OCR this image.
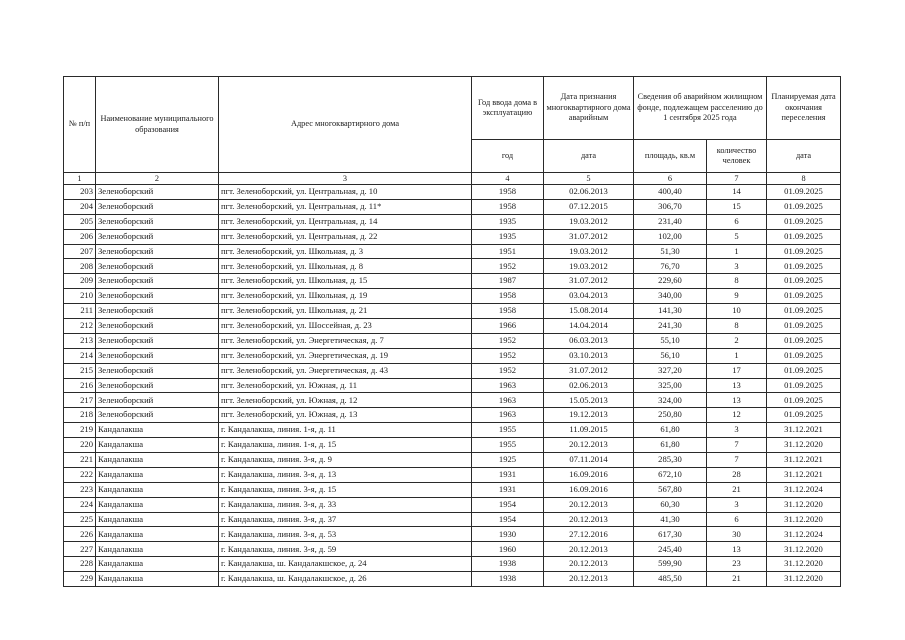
№ п/п	Наименование муниципального образования	Адрес многоквартирного дома	Год ввода дома в эксплуатацию	Дата признания многоквартирного дома аварийным	Сведения об аварийном жилищном фонде, подлежащем расселению до 1 сентября 2025 года		Планируемая дата окончания переселения
			год	дата	площадь, кв.м	количество человек	дата
1	2	3	4	5	6	7	8
203	Зеленоборский	пгт. Зеленоборский, ул. Центральная, д. 10	1958	02.06.2013	400,40	14	01.09.2025
204	Зеленоборский	пгт. Зеленоборский, ул. Центральная, д. 11*	1958	07.12.2015	306,70	15	01.09.2025
205	Зеленоборский	пгт. Зеленоборский, ул. Центральная, д. 14	1935	19.03.2012	231,40	6	01.09.2025
206	Зеленоборский	пгт. Зеленоборский, ул. Центральная, д. 22	1935	31.07.2012	102,00	5	01.09.2025
207	Зеленоборский	пгт. Зеленоборский, ул. Школьная, д. 3	1951	19.03.2012	51,30	1	01.09.2025
208	Зеленоборский	пгт. Зеленоборский, ул. Школьная, д. 8	1952	19.03.2012	76,70	3	01.09.2025
209	Зеленоборский	пгт. Зеленоборский, ул. Школьная, д. 15	1987	31.07.2012	229,60	8	01.09.2025
210	Зеленоборский	пгт. Зеленоборский, ул. Школьная, д. 19	1958	03.04.2013	340,00	9	01.09.2025
211	Зеленоборский	пгт. Зеленоборский, ул. Школьная, д. 21	1958	15.08.2014	141,30	10	01.09.2025
212	Зеленоборский	пгт. Зеленоборский, ул. Шоссейная, д. 23	1966	14.04.2014	241,30	8	01.09.2025
213	Зеленоборский	пгт. Зеленоборский, ул. Энергетическая, д. 7	1952	06.03.2013	55,10	2	01.09.2025
214	Зеленоборский	пгт. Зеленоборский, ул. Энергетическая, д. 19	1952	03.10.2013	56,10	1	01.09.2025
215	Зеленоборский	пгт. Зеленоборский, ул. Энергетическая, д. 43	1952	31.07.2012	327,20	17	01.09.2025
216	Зеленоборский	пгт. Зеленоборский, ул. Южная, д. 11	1963	02.06.2013	325,00	13	01.09.2025
217	Зеленоборский	пгт. Зеленоборский, ул. Южная, д. 12	1963	15.05.2013	324,00	13	01.09.2025
218	Зеленоборский	пгт. Зеленоборский, ул. Южная, д. 13	1963	19.12.2013	250,80	12	01.09.2025
219	Кандалакша	г. Кандалакша, линия. 1-я, д. 11	1955	11.09.2015	61,80	3	31.12.2021
220	Кандалакша	г. Кандалакша, линия. 1-я, д. 15	1955	20.12.2013	61,80	7	31.12.2020
221	Кандалакша	г. Кандалакша, линия. 3-я, д. 9	1925	07.11.2014	285,30	7	31.12.2021
222	Кандалакша	г. Кандалакша, линия. 3-я, д. 13	1931	16.09.2016	672,10	28	31.12.2021
223	Кандалакша	г. Кандалакша, линия. 3-я, д. 15	1931	16.09.2016	567,80	21	31.12.2024
224	Кандалакша	г. Кандалакша, линия. 3-я, д. 33	1954	20.12.2013	60,30	3	31.12.2020
225	Кандалакша	г. Кандалакша, линия. 3-я, д. 37	1954	20.12.2013	41,30	6	31.12.2020
226	Кандалакша	г. Кандалакша, линия. 3-я, д. 53	1930	27.12.2016	617,30	30	31.12.2024
227	Кандалакша	г. Кандалакша, линия. 3-я, д. 59	1960	20.12.2013	245,40	13	31.12.2020
228	Кандалакша	г. Кандалакша, ш. Кандалакшское, д. 24	1938	20.12.2013	599,90	23	31.12.2020
229	Кандалакша	г. Кандалакша, ш. Кандалакшское, д. 26	1938	20.12.2013	485,50	21	31.12.2020
